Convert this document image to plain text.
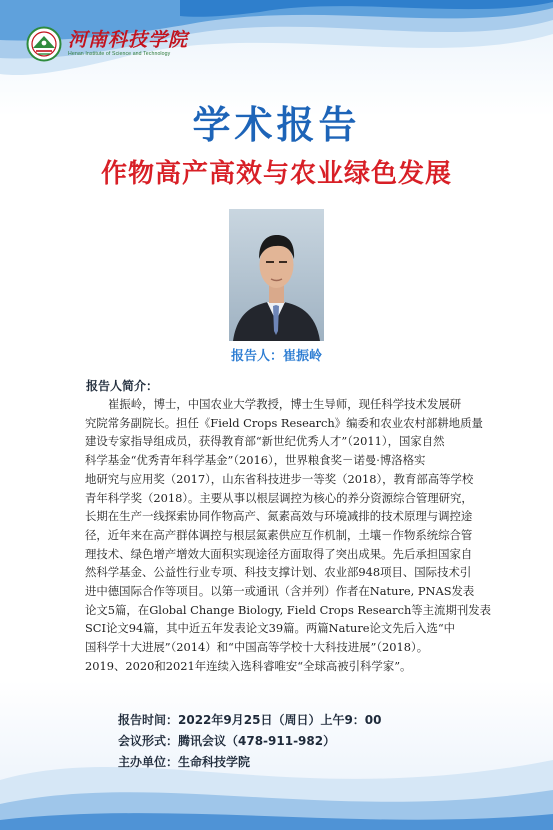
河南科技学院
Henan Institute of Science and Technology
学术报告
作物高产高效与农业绿色发展
报告人：崔振岭
报告人简介：
崔振岭，博士，中国农业大学教授，博士生导师，现任科学技术发展研
究院常务副院长。担任《Field Crops Research》编委和农业农村部耕地质量
建设专家指导组成员，获得教育部“新世纪优秀人才”（2011），国家自然
科学基金“优秀青年科学基金”（2016），世界粮食奖－诺曼·博洛格实
地研究与应用奖（2017），山东省科技进步一等奖（2018），教育部高等学校
青年科学奖（2018）。主要从事以根层调控为核心的养分资源综合管理研究，
长期在生产一线探索协同作物高产、氮素高效与环境减排的技术原理与调控途
径，近年来在高产群体调控与根层氮素供应互作机制，土壤－作物系统综合管
理技术、绿色增产增效大面积实现途径方面取得了突出成果。先后承担国家自
然科学基金、公益性行业专项、科技支撑计划、农业部948项目、国际技术引
进中德国际合作等项目。以第一或通讯（含并列）作者在Nature, PNAS发表
论文5篇，在Global Change Biology, Field Crops Research等主流期刊发表
SCI论文94篇，其中近五年发表论文39篇。两篇Nature论文先后入选“中
国科学十大进展”（2014）和“中国高等学校十大科技进展”（2018）。
2019、2020和2021年连续入选科睿唯安“全球高被引科学家”。
报告时间：2022年9月25日（周日）上午9：00
会议形式：腾讯会议（478-911-982）
主办单位：生命科技学院
